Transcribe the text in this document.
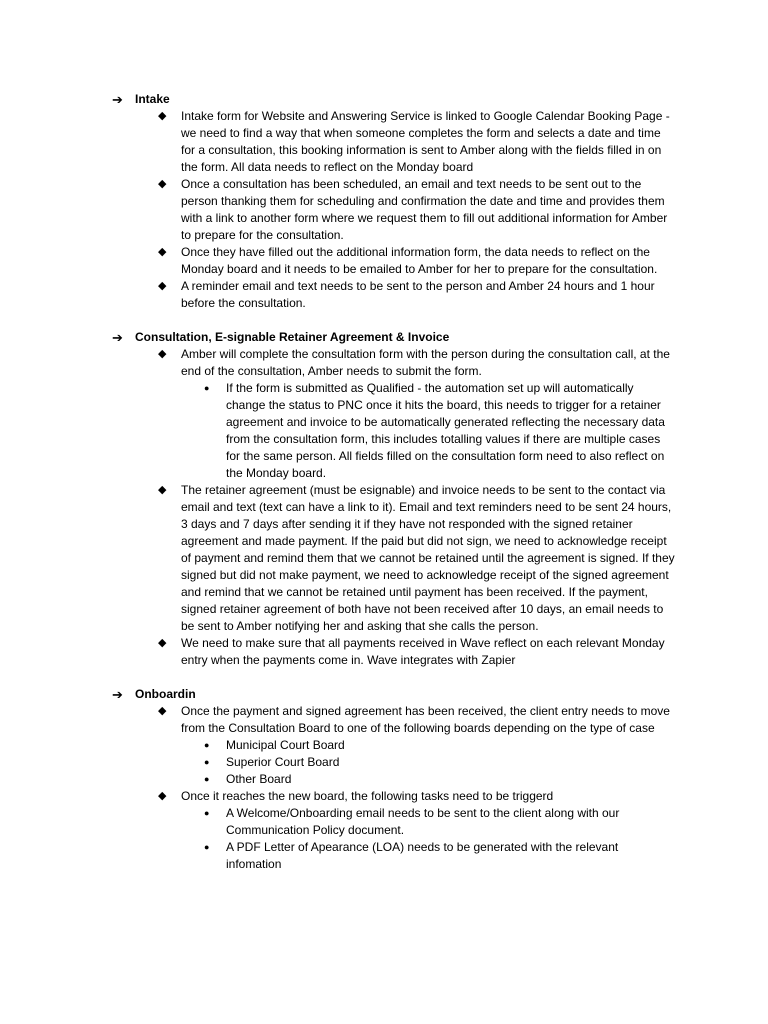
➔ Intake
◆ Intake form for Website and Answering Service is linked to Google Calendar Booking Page - we need to find a way that when someone completes the form and selects a date and time for a consultation, this booking information is sent to Amber along with the fields filled in on the form. All data needs to reflect on the Monday board
◆ Once a consultation has been scheduled, an email and text needs to be sent out to the person thanking them for scheduling and confirmation the date and time and provides them with a link to another form where we request them to fill out additional information for Amber to prepare for the consultation.
◆ Once they have filled out the additional information form, the data needs to reflect on the Monday board and it needs to be emailed to Amber for her to prepare for the consultation.
◆ A reminder email and text needs to be sent to the person and Amber 24 hours and 1 hour before the consultation.
➔ Consultation, E-signable Retainer Agreement & Invoice
◆ Amber will complete the consultation form with the person during the consultation call, at the end of the consultation, Amber needs to submit the form.
● If the form is submitted as Qualified - the automation set up will automatically change the status to PNC once it hits the board, this needs to trigger for a retainer agreement and invoice to be automatically generated reflecting the necessary data from the consultation form, this includes totalling values if there are multiple cases for the same person. All fields filled on the consultation form need to also reflect on the Monday board.
◆ The retainer agreement (must be esignable) and invoice needs to be sent to the contact via email and text (text can have a link to it). Email and text reminders need to be sent 24 hours, 3 days and 7 days after sending it if they have not responded with the signed retainer agreement and made payment. If the paid but did not sign, we need to acknowledge receipt of payment and remind them that we cannot be retained until the agreement is signed. If they signed but did not make payment, we need to acknowledge receipt of the signed agreement and remind that we cannot be retained until payment has been received. If the payment, signed retainer agreement of both have not been received after 10 days, an email needs to be sent to Amber notifying her and asking that she calls the person.
◆ We need to make sure that all payments received in Wave reflect on each relevant Monday entry when the payments come in. Wave integrates with Zapier
➔ Onboardin
◆ Once the payment and signed agreement has been received, the client entry needs to move from the Consultation Board to one of the following boards depending on the type of case
● Municipal Court Board
● Superior Court Board
● Other Board
◆ Once it reaches the new board, the following tasks need to be triggerd
● A Welcome/Onboarding email needs to be sent to the client along with our Communication Policy document.
● A PDF Letter of Apearance (LOA) needs to be generated with the relevant infomation
